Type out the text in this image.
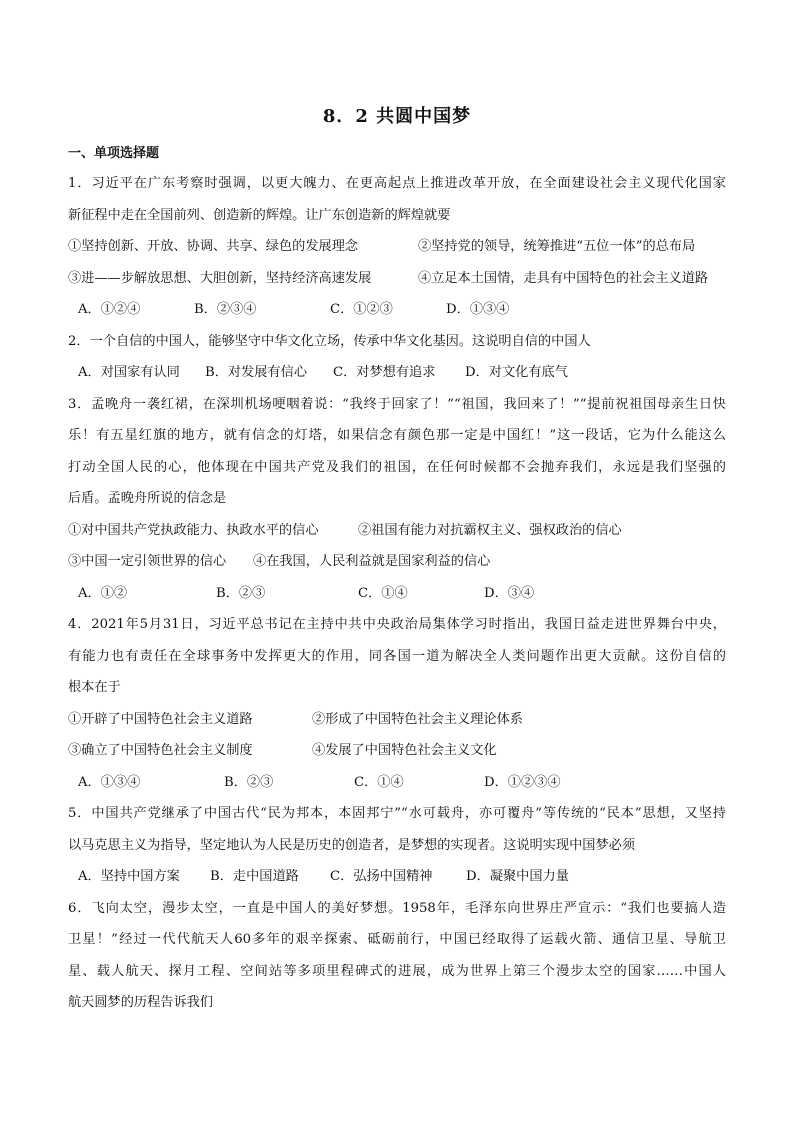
8．2 共圆中国梦
一、单项选择题
1．习近平在广东考察时强调，以更大魄力、在更高起点上推进改革开放，在全面建设社会主义现代化国家
新征程中走在全国前列、创造新的辉煌。让广东创造新的辉煌就要
①坚持创新、开放、协调、共享、绿色的发展理念	②坚持党的领导，统筹推进“五位一体”的总布局
③进——步解放思想、大胆创新，坚持经济高速发展	④立足本土国情，走具有中国特色的社会主义道路
A．①②④	B．②③④	C．①②③	D．①③④
2．一个自信的中国人，能够坚守中华文化立场，传承中华文化基因。这说明自信的中国人
A．对国家有认同 B．对发展有信心 C．对梦想有追求 D．对文化有底气
3．孟晚舟一袭红裙，在深圳机场哽咽着说：“我终于回家了！”“祖国，我回来了！”“提前祝祖国母亲生日快
乐！有五星红旗的地方，就有信念的灯塔，如果信念有颜色那一定是中国红！”这一段话，它为什么能这么
打动全国人民的心，他体现在中国共产党及我们的祖国，在任何时候都不会抛弃我们，永远是我们坚强的
后盾。孟晚舟所说的信念是
①对中国共产党执政能力、执政水平的信心	②祖国有能力对抗霸权主义、强权政治的信心
③中国一定引领世界的信心 ④在我国，人民利益就是国家利益的信心
A．①②	B．②③	C．①④	D．③④
4．2021年5月31日，习近平总书记在主持中共中央政治局集体学习时指出，我国日益走进世界舞台中央，
有能力也有责任在全球事务中发挥更大的作用，同各国一道为解决全人类问题作出更大贡献。这份自信的
根本在于
①开辟了中国特色社会主义道路	②形成了中国特色社会主义理论体系
③确立了中国特色社会主义制度	④发展了中国特色社会主义文化
A．①③④	B．②③	C．①④	D．①②③④
5．中国共产党继承了中国古代“民为邦本，本固邦宁”“水可载舟，亦可覆舟”等传统的“民本”思想，又坚持
以马克思主义为指导，坚定地认为人民是历史的创造者，是梦想的实现者。这说明实现中国梦必须
A．坚持中国方案 B．走中国道路 C．弘扬中国精神	D．凝聚中国力量
6．飞向太空，漫步太空，一直是中国人的美好梦想。1958年，毛泽东向世界庄严宣示：“我们也要搞人造
卫星！”经过一代代航天人60多年的艰辛探索、砥砺前行，中国已经取得了运载火箭、通信卫星、导航卫
星、载人航天、探月工程、空间站等多项里程碑式的进展，成为世界上第三个漫步太空的国家……中国人
航天圆梦的历程告诉我们
